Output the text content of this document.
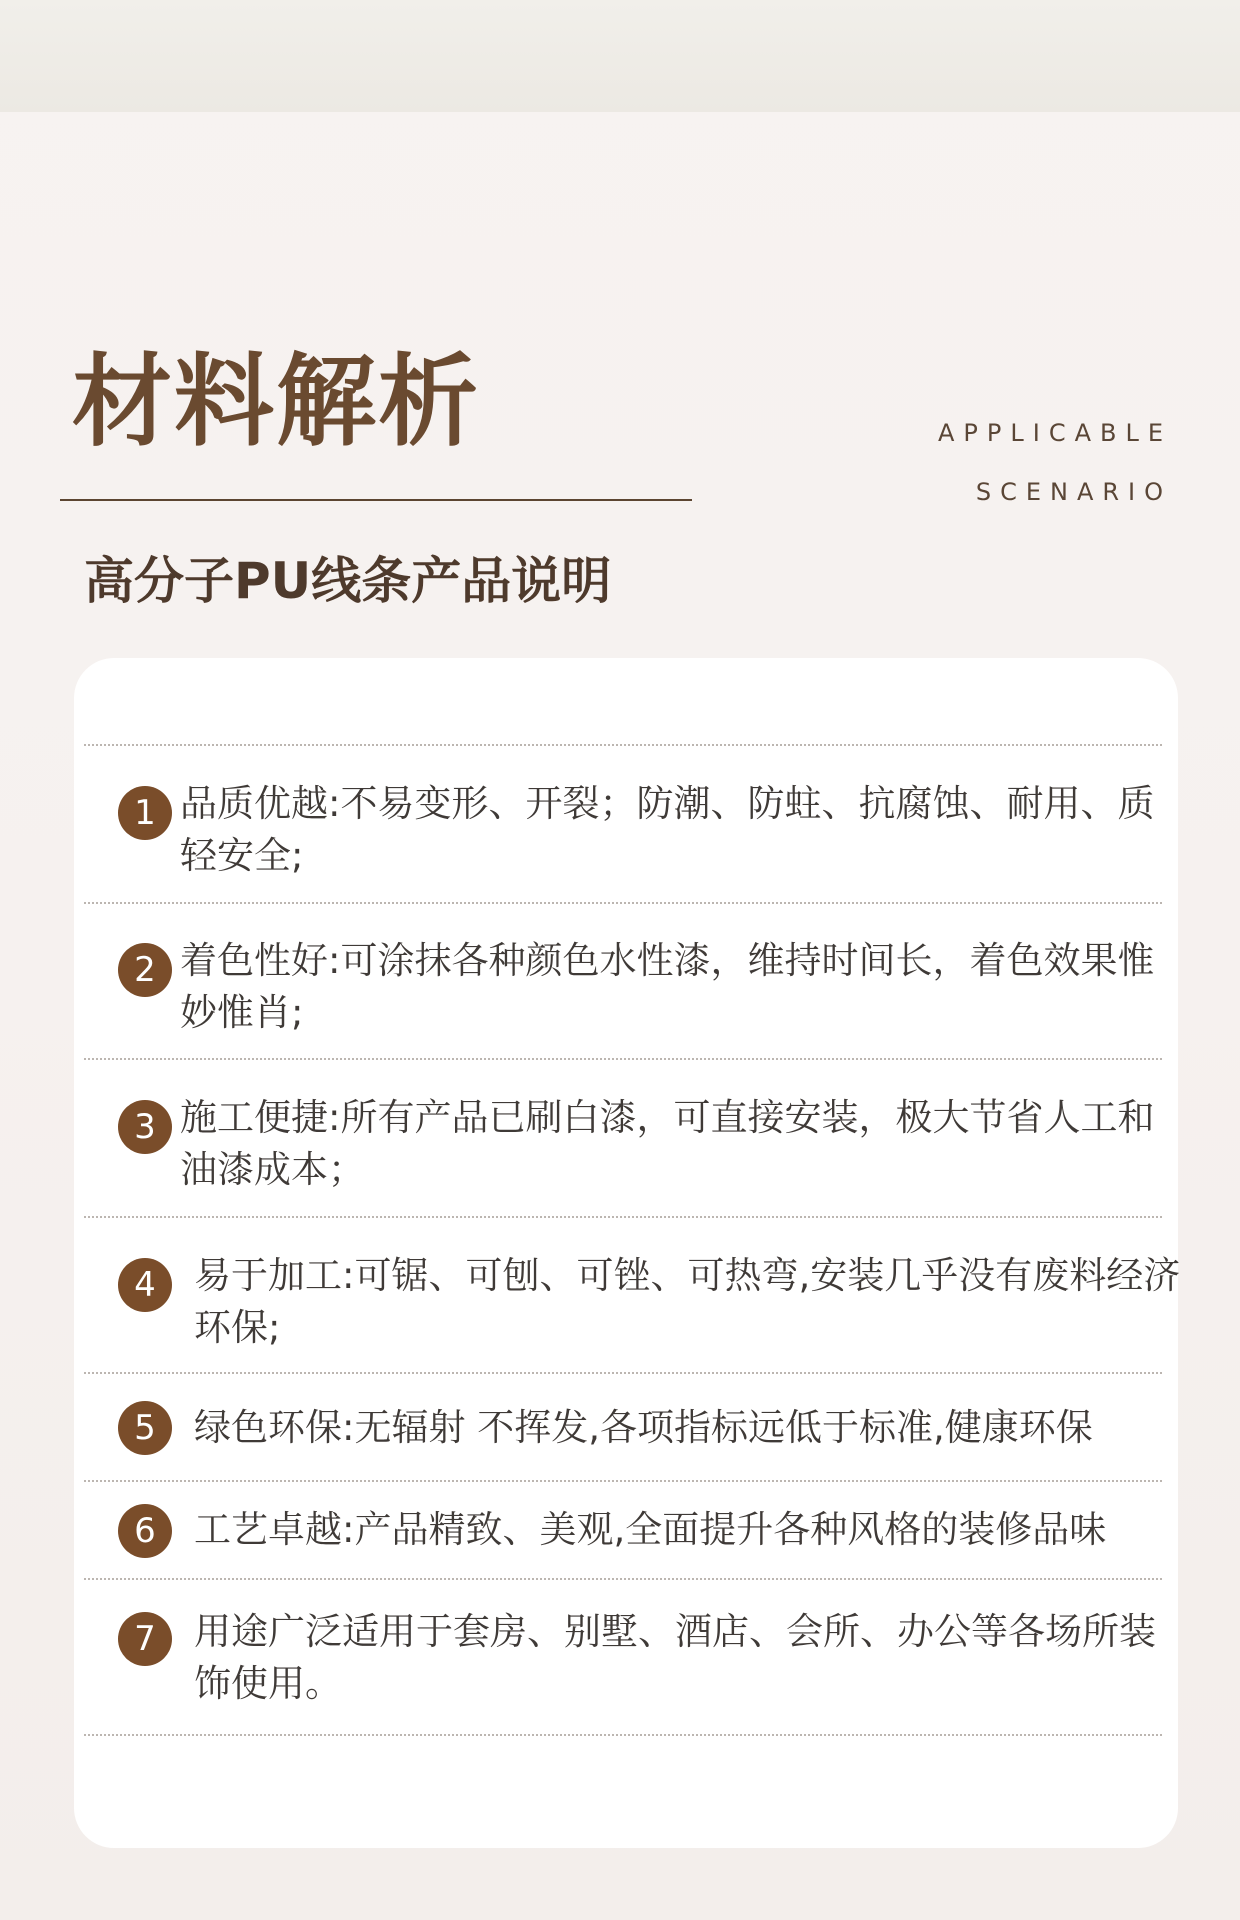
材料解析	APPLICABLE
SCENARIO
高分子PU线条产品说明
1 品质优越:不易变形、开裂；防潮、防蛀、抗腐蚀、耐用、质轻安全;
2 着色性好:可涂抹各种颜色水性漆，维持时间长，着色效果惟妙惟肖;
3 施工便捷:所有产品已刷白漆，可直接安装，极大节省人工和油漆成本；
4	易于加工:可锯、可刨、可锉、可热弯,安装几乎没有废料经济环保;
5	绿色环保:无辐射 不挥发,各项指标远低于标准,健康环保
6	工艺卓越:产品精致、美观,全面提升各种风格的装修品味
7	用途广泛适用于套房、别墅、酒店、会所、办公等各场所装饰使用。
